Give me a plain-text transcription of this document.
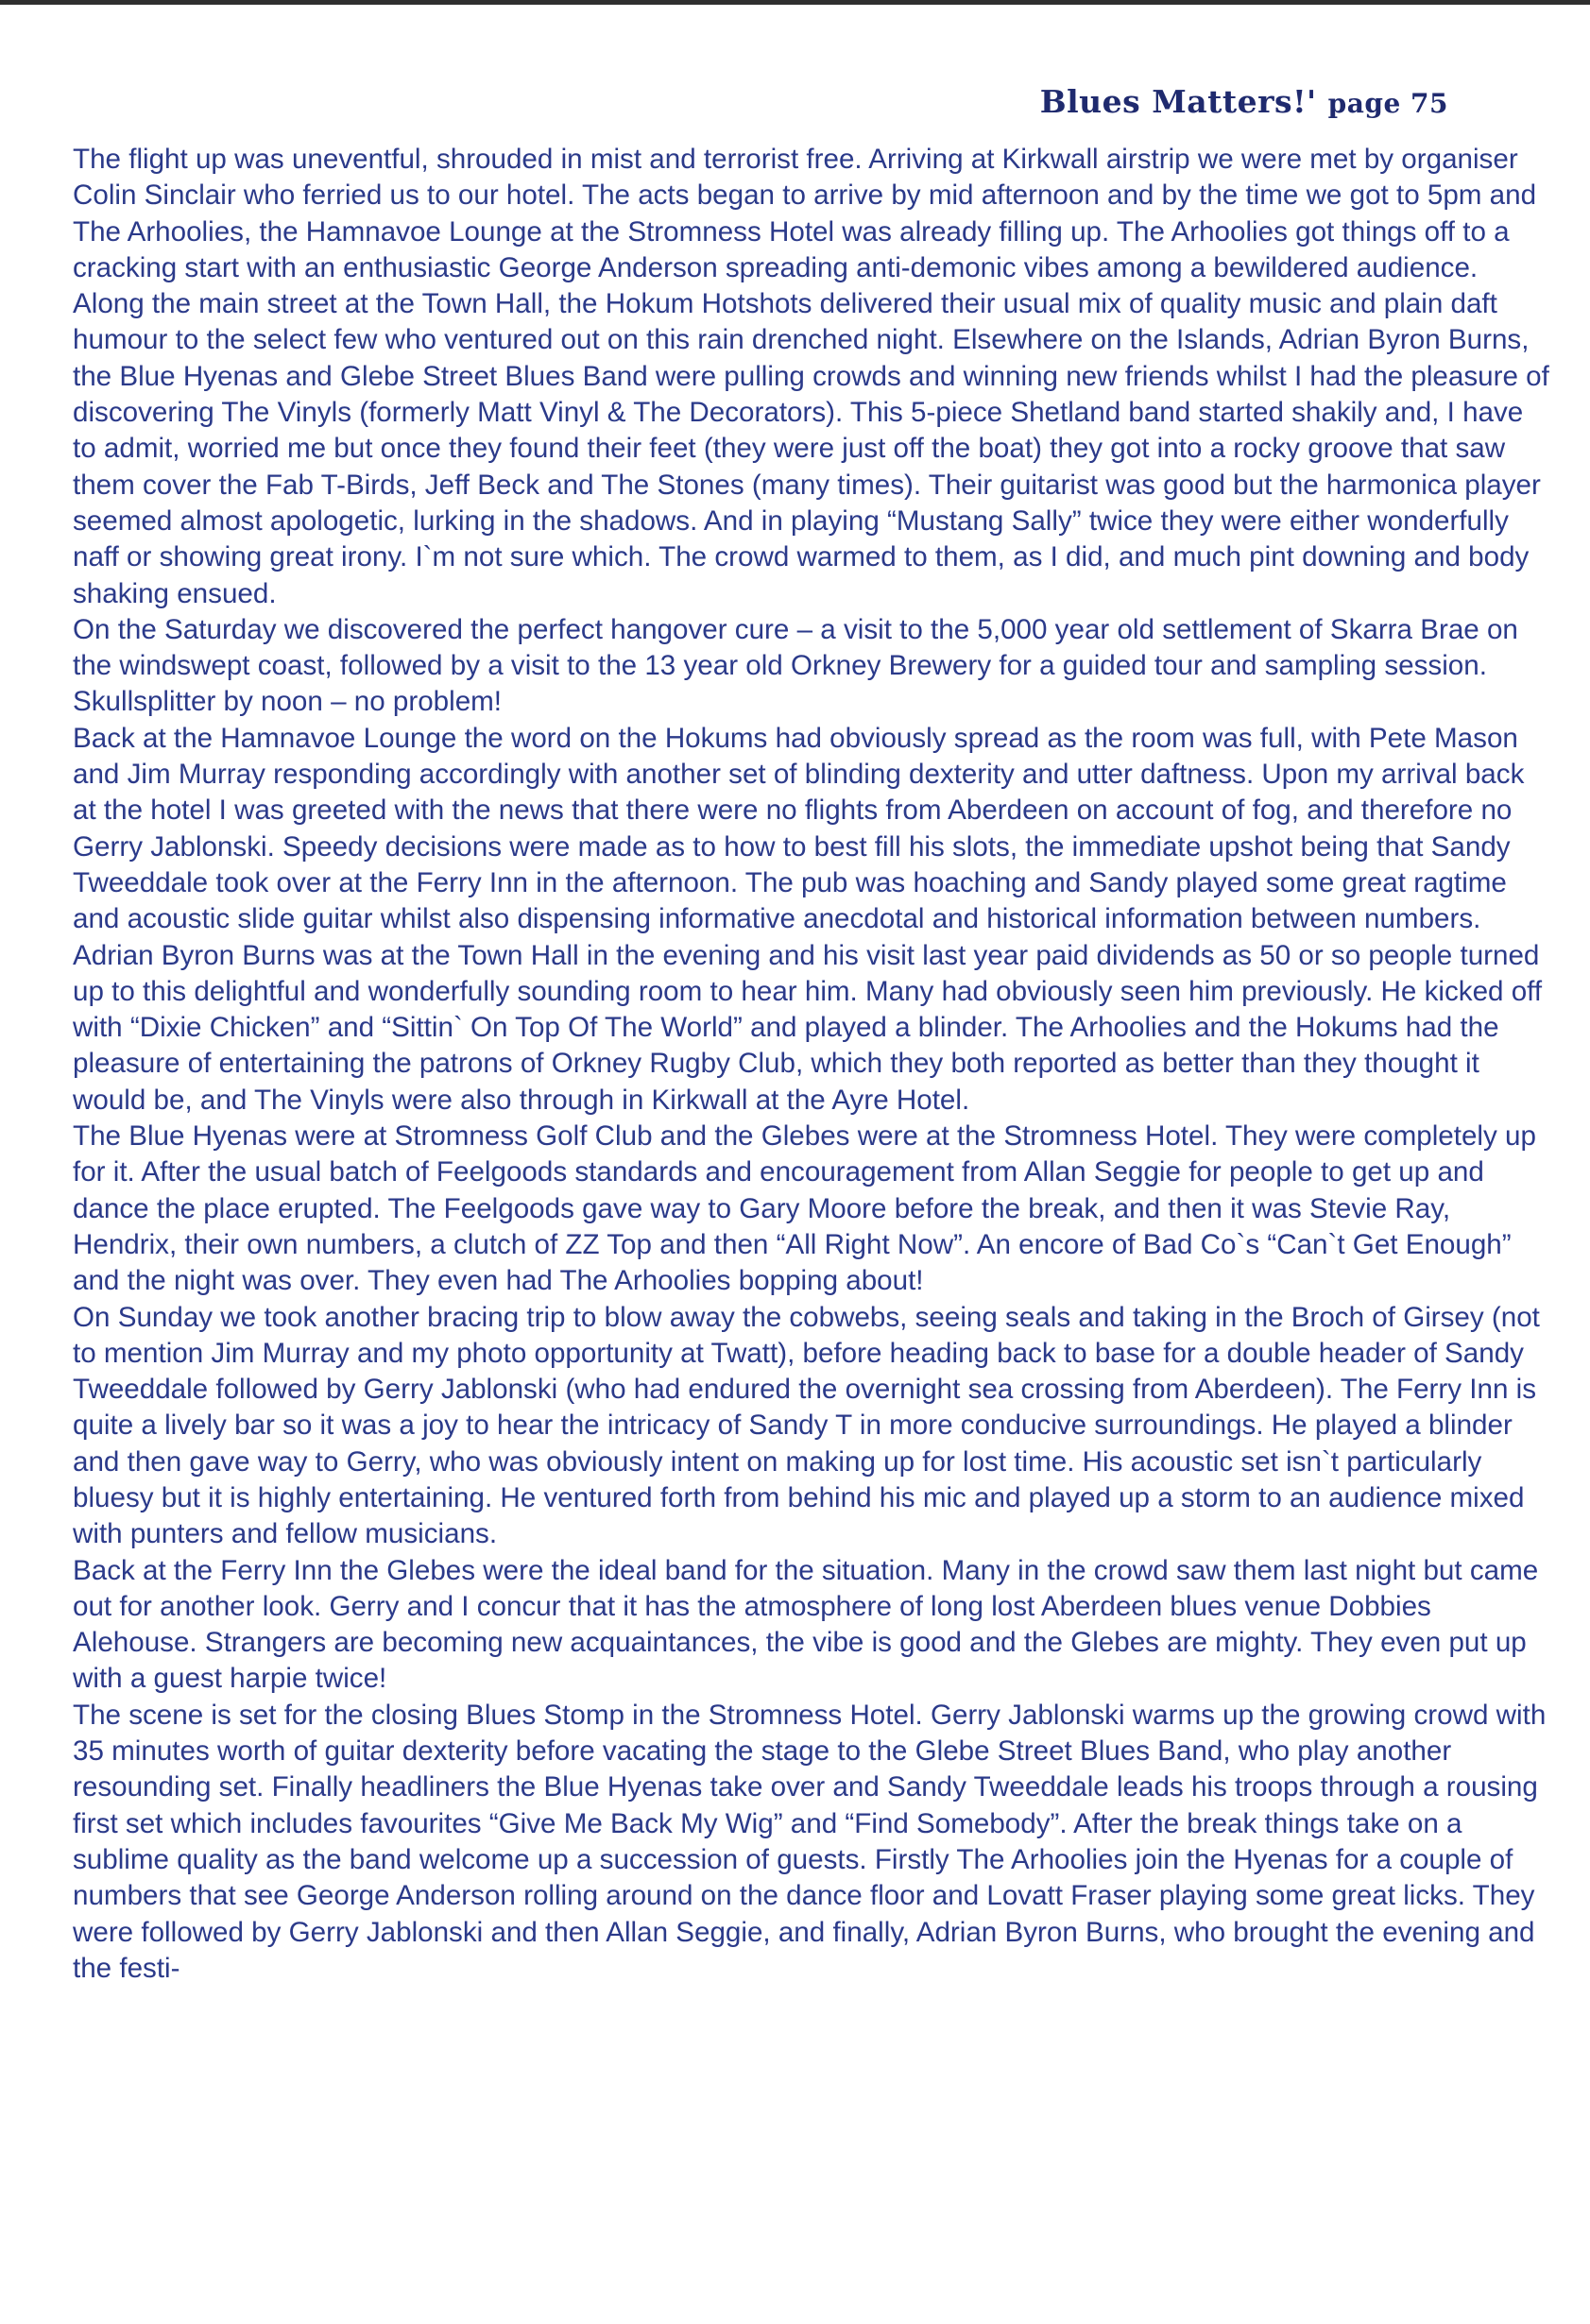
Blues Matters!' page 75

The flight up was uneventful, shrouded in mist and terrorist free. Arriving at Kirkwall airstrip we were met by organiser Colin Sinclair who ferried us to our hotel. The acts began to arrive by mid afternoon and by the time we got to 5pm and The Arhoolies, the Hamnavoe Lounge at the Stromness Hotel was already filling up. The Arhoolies got things off to a cracking start with an enthusiastic George Anderson spreading anti-demonic vibes among a bewildered audience.

Along the main street at the Town Hall, the Hokum Hotshots delivered their usual mix of quality music and plain daft humour to the select few who ventured out on this rain drenched night. Elsewhere on the Islands, Adrian Byron Burns, the Blue Hyenas and Glebe Street Blues Band were pulling crowds and winning new friends whilst I had the pleasure of discovering The Vinyls (formerly Matt Vinyl & The Decorators). This 5-piece Shetland band started shakily and, I have to admit, worried me but once they found their feet (they were just off the boat) they got into a rocky groove that saw them cover the Fab T-Birds, Jeff Beck and The Stones (many times). Their guitarist was good but the harmonica player seemed almost apologetic, lurking in the shadows. And in playing “Mustang Sally” twice they were either wonderfully naff or showing great irony. I`m not sure which. The crowd warmed to them, as I did, and much pint downing and body shaking ensued.

On the Saturday we discovered the perfect hangover cure – a visit to the 5,000 year old settlement of Skarra Brae on the windswept coast, followed by a visit to the 13 year old Orkney Brewery for a guided tour and sampling session. Skullsplitter by noon – no problem!

Back at the Hamnavoe Lounge the word on the Hokums had obviously spread as the room was full, with Pete Mason and Jim Murray responding accordingly with another set of blinding dexterity and utter daftness. Upon my arrival back at the hotel I was greeted with the news that there were no flights from Aberdeen on account of fog, and therefore no Gerry Jablonski. Speedy decisions were made as to how to best fill his slots, the immediate upshot being that Sandy Tweeddale took over at the Ferry Inn in the afternoon. The pub was hoaching and Sandy played some great ragtime and acoustic slide guitar whilst also dispensing informative anecdotal and historical information between numbers.

Adrian Byron Burns was at the Town Hall in the evening and his visit last year paid dividends as 50 or so people turned up to this delightful and wonderfully sounding room to hear him. Many had obviously seen him previously. He kicked off with “Dixie Chicken” and “Sittin` On Top Of The World” and played a blinder. The Arhoolies and the Hokums had the pleasure of entertaining the patrons of Orkney Rugby Club, which they both reported as better than they thought it would be, and The Vinyls were also through in Kirkwall at the Ayre Hotel.

The Blue Hyenas were at Stromness Golf Club and the Glebes were at the Stromness Hotel. They were completely up for it. After the usual batch of Feelgoods standards and encouragement from Allan Seggie for people to get up and dance the place erupted. The Feelgoods gave way to Gary Moore before the break, and then it was Stevie Ray, Hendrix, their own numbers, a clutch of ZZ Top and then “All Right Now”. An encore of Bad Co`s “Can`t Get Enough” and the night was over. They even had The Arhoolies bopping about!

On Sunday we took another bracing trip to blow away the cobwebs, seeing seals and taking in the Broch of Girsey (not to mention Jim Murray and my photo opportunity at Twatt), before heading back to base for a double header of Sandy Tweeddale followed by Gerry Jablonski (who had endured the overnight sea crossing from Aberdeen). The Ferry Inn is quite a lively bar so it was a joy to hear the intricacy of Sandy T in more conducive surroundings. He played a blinder and then gave way to Gerry, who was obviously intent on making up for lost time. His acoustic set isn`t particularly bluesy but it is highly entertaining. He ventured forth from behind his mic and played up a storm to an audience mixed with punters and fellow musicians.

Back at the Ferry Inn the Glebes were the ideal band for the situation. Many in the crowd saw them last night but came out for another look. Gerry and I concur that it has the atmosphere of long lost Aberdeen blues venue Dobbies Alehouse. Strangers are becoming new acquaintances, the vibe is good and the Glebes are mighty. They even put up with a guest harpie twice!

The scene is set for the closing Blues Stomp in the Stromness Hotel. Gerry Jablonski warms up the growing crowd with 35 minutes worth of guitar dexterity before vacating the stage to the Glebe Street Blues Band, who play another resounding set. Finally headliners the Blue Hyenas take over and Sandy Tweeddale leads his troops through a rousing first set which includes favourites “Give Me Back My Wig” and “Find Somebody”. After the break things take on a sublime quality as the band welcome up a succession of guests. Firstly The Arhoolies join the Hyenas for a couple of numbers that see George Anderson rolling around on the dance floor and Lovatt Fraser playing some great licks. They were followed by Gerry Jablonski and then Allan Seggie, and finally, Adrian Byron Burns, who brought the evening and the festi-
